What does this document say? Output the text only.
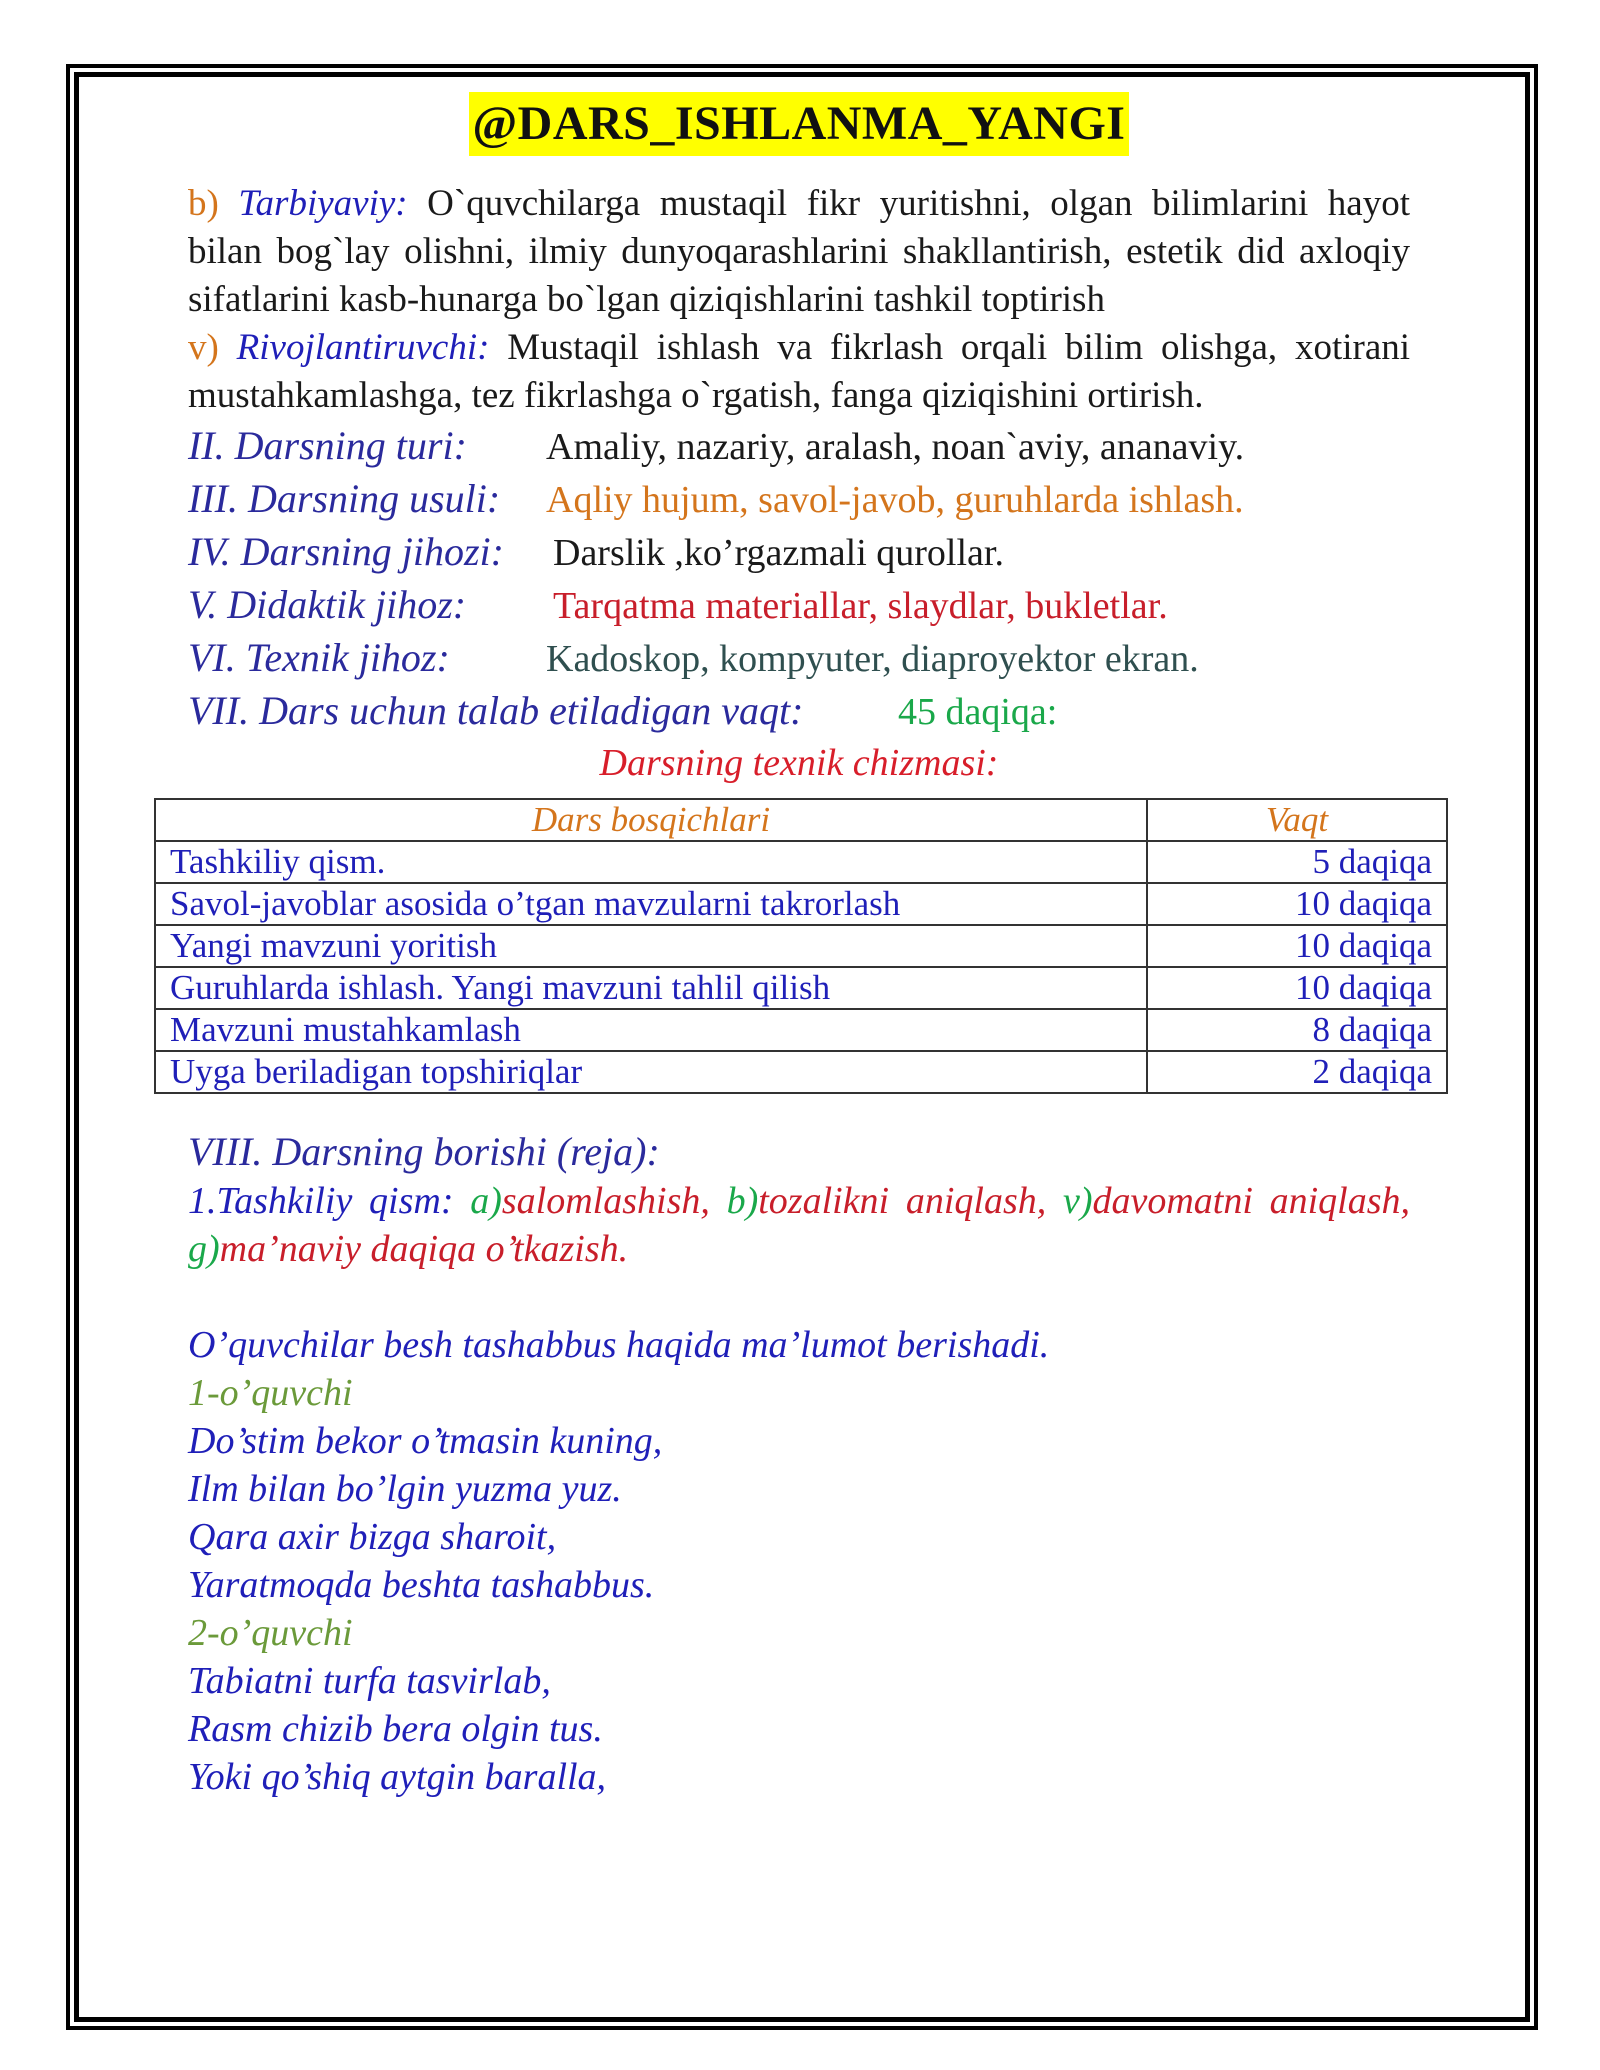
@DARS_ISHLANMA_YANGI

b) Tarbiyaviy: O`quvchilarga mustaqil fikr yuritishni, olgan bilimlarini hayot bilan bog`lay olishni, ilmiy dunyoqarashlarini shakllantirish, estetik did axloqiy sifatlarini kasb-hunarga bo`lgan qiziqishlarini tashkil toptirish

v) Rivojlantiruvchi: Mustaqil ishlash va fikrlash orqali bilim olishga, xotirani mustahkamlashga, tez fikrlashga o`rgatish, fanga qiziqishini ortirish.

II. Darsning turi: Amaliy, nazariy, aralash, noan`aviy, ananaviy.

III. Darsning usuli: Aqliy hujum, savol-javob, guruhlarda ishlash.

IV. Darsning jihozi: Darslik ,ko’rgazmali qurollar.

V. Didaktik jihoz: Tarqatma materiallar, slaydlar, bukletlar.

VI. Texnik jihoz:	Kadoskop, kompyuter, diaproyektor ekran.

VII. Dars uchun talab etiladigan vaqt: 45 daqiqa:

Darsning texnik chizmasi:

Dars bosqichlari	Vaqt
Tashkiliy qism.	5 daqiqa
Savol-javoblar asosida o’tgan mavzularni takrorlash	10 daqiqa
Yangi mavzuni yoritish	10 daqiqa
Guruhlarda ishlash. Yangi mavzuni tahlil qilish	10 daqiqa
Mavzuni mustahkamlash	8 daqiqa
Uyga beriladigan topshiriqlar	2 daqiqa

VIII. Darsning borishi (reja):

1.Tashkiliy qism: a)salomlashish, b)tozalikni aniqlash, v)davomatni aniqlash, g)ma’naviy daqiqa o’tkazish.

O’quvchilar besh tashabbus haqida ma’lumot berishadi.

1-o’quvchi

Do’stim bekor o’tmasin kuning,

Ilm bilan bo’lgin yuzma yuz.

Qara axir bizga sharoit,

Yaratmoqda beshta tashabbus.

2-o’quvchi

Tabiatni turfa tasvirlab,

Rasm chizib bera olgin tus.

Yoki qo’shiq aytgin baralla,
